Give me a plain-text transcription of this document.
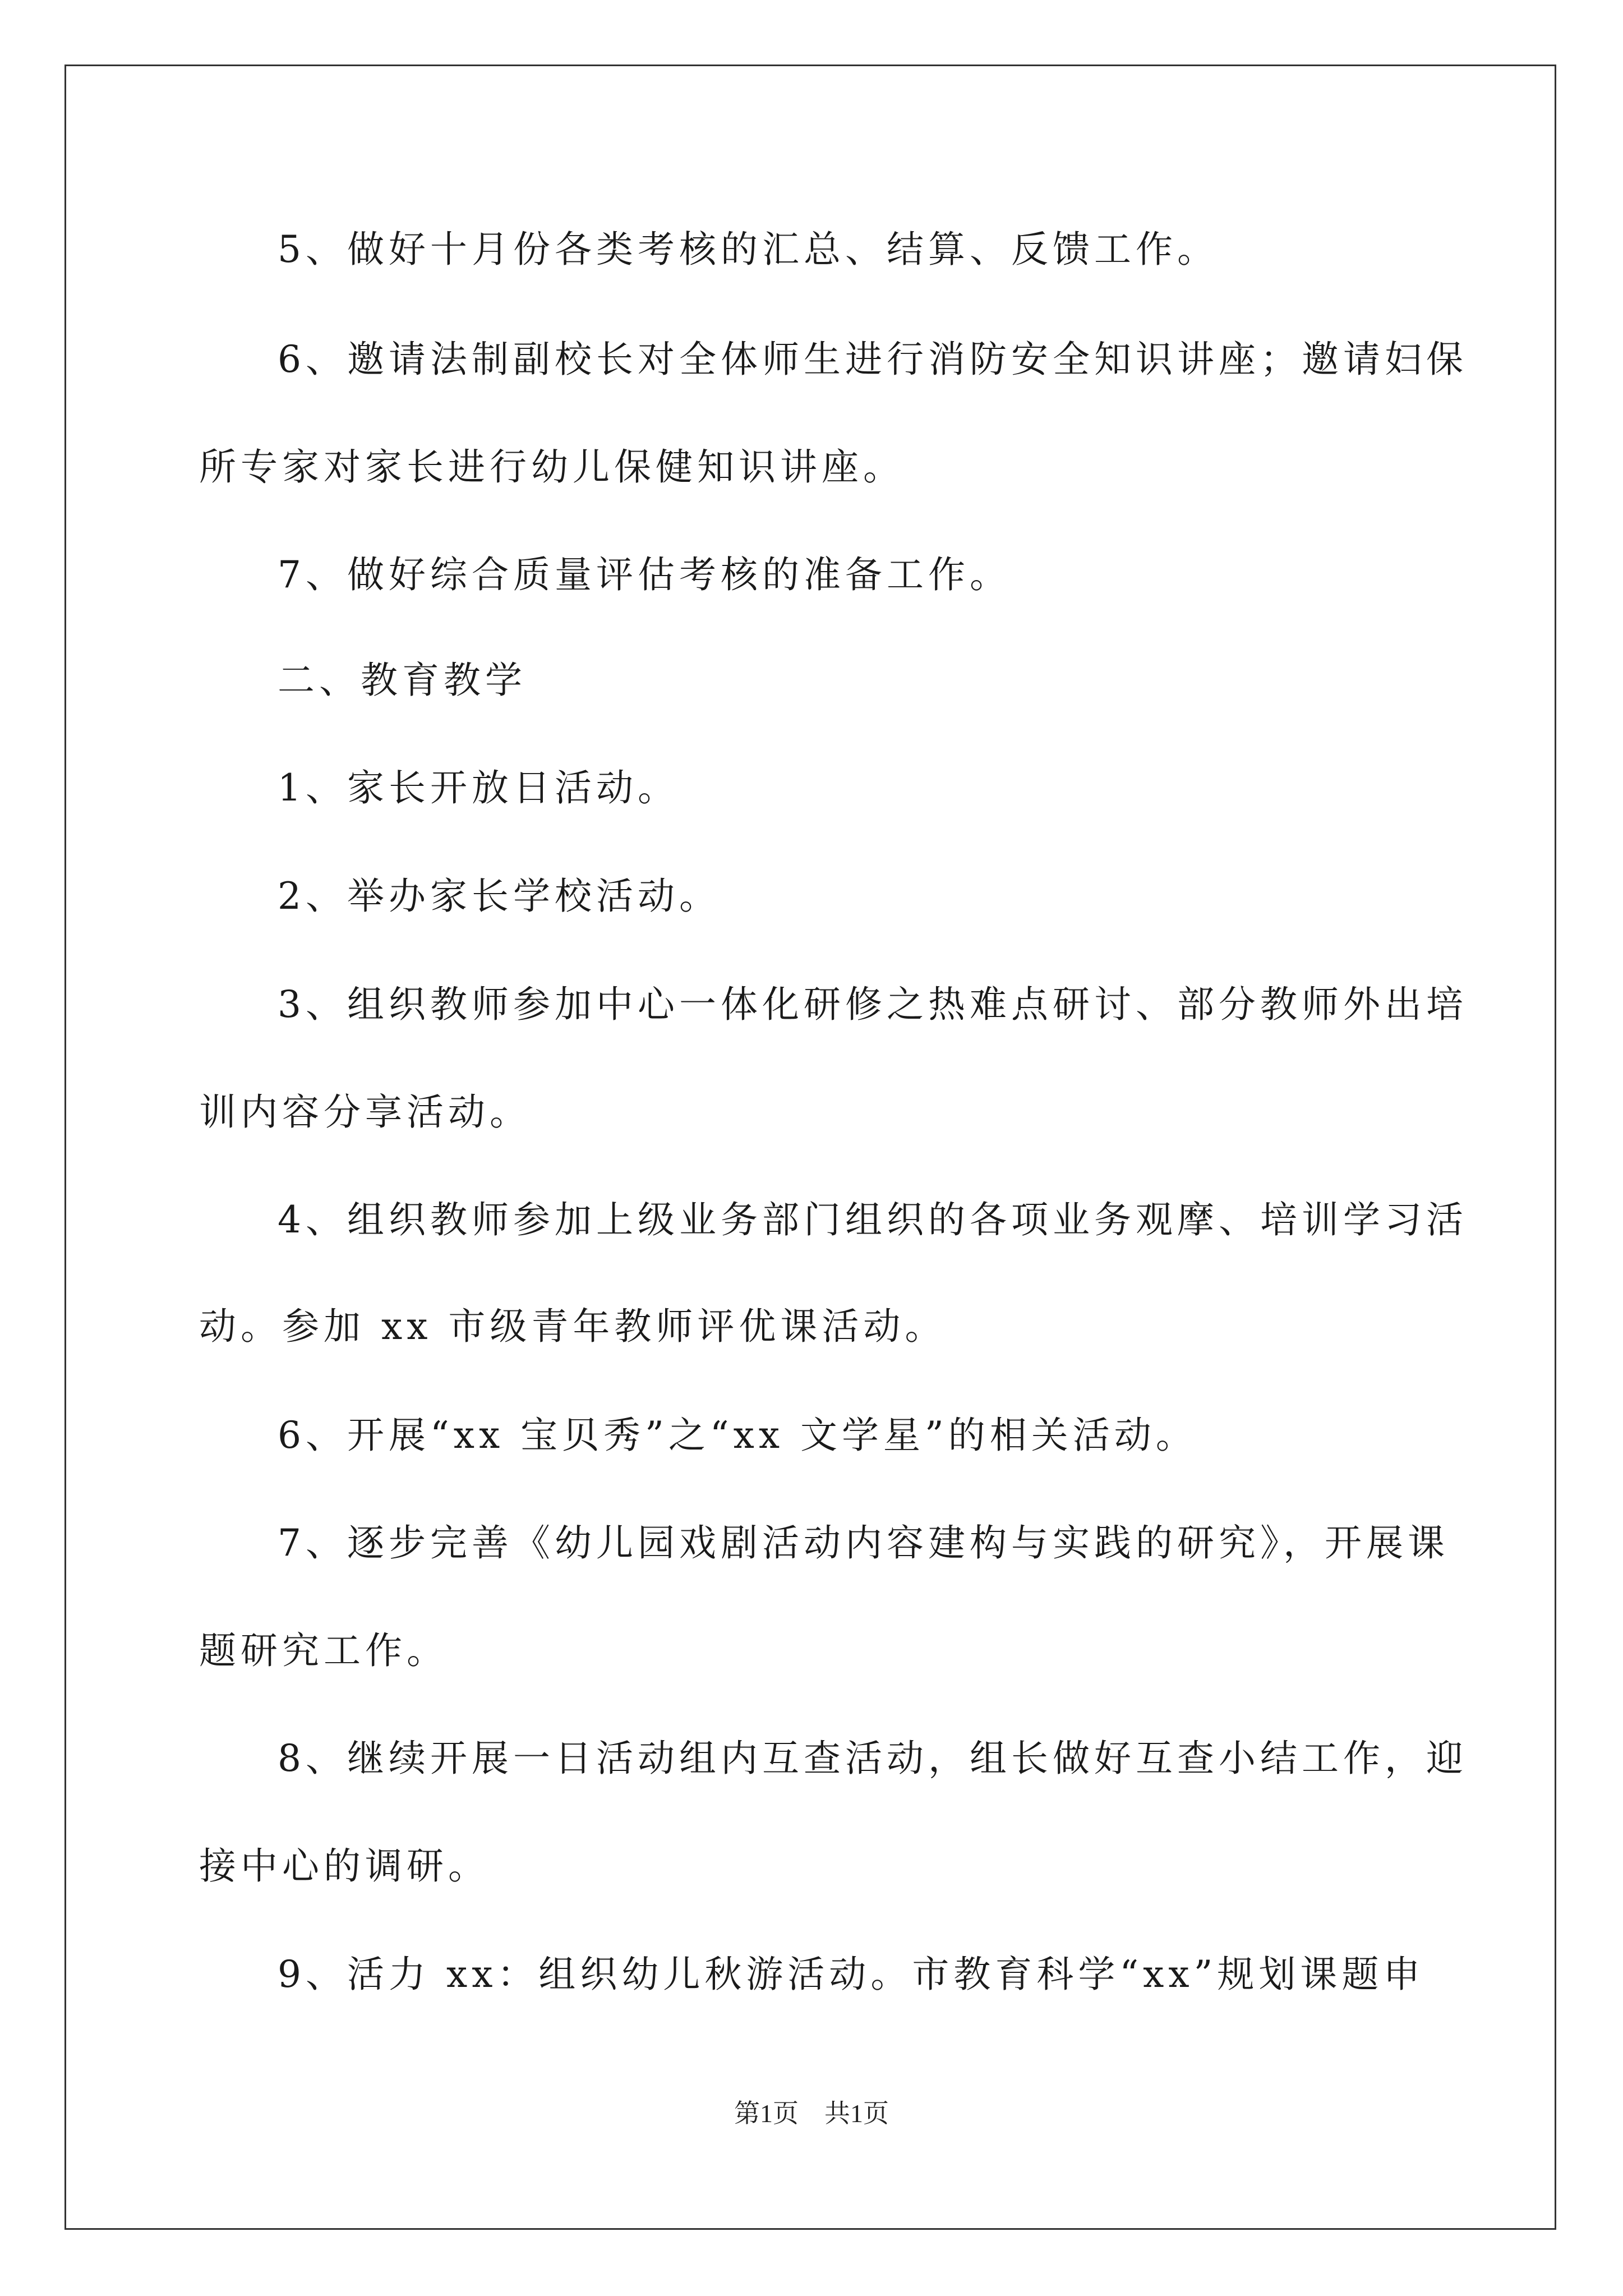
5、做好十月份各类考核的汇总、结算、反馈工作。
6、邀请法制副校长对全体师生进行消防安全知识讲座；邀请妇保
所专家对家长进行幼儿保健知识讲座。
7、做好综合质量评估考核的准备工作。
二、教育教学
1、家长开放日活动。
2、举办家长学校活动。
3、组织教师参加中心一体化研修之热难点研讨、部分教师外出培
训内容分享活动。
4、组织教师参加上级业务部门组织的各项业务观摩、培训学习活
动。参加 xx 市级青年教师评优课活动。
6、开展“xx 宝贝秀”之“xx 文学星”的相关活动。
7、逐步完善《幼儿园戏剧活动内容建构与实践的研究》，开展课
题研究工作。
8、继续开展一日活动组内互查活动，组长做好互查小结工作，迎
接中心的调研。
9、活力 xx：组织幼儿秋游活动。市教育科学“xx”规划课题申
第1页　共1页
